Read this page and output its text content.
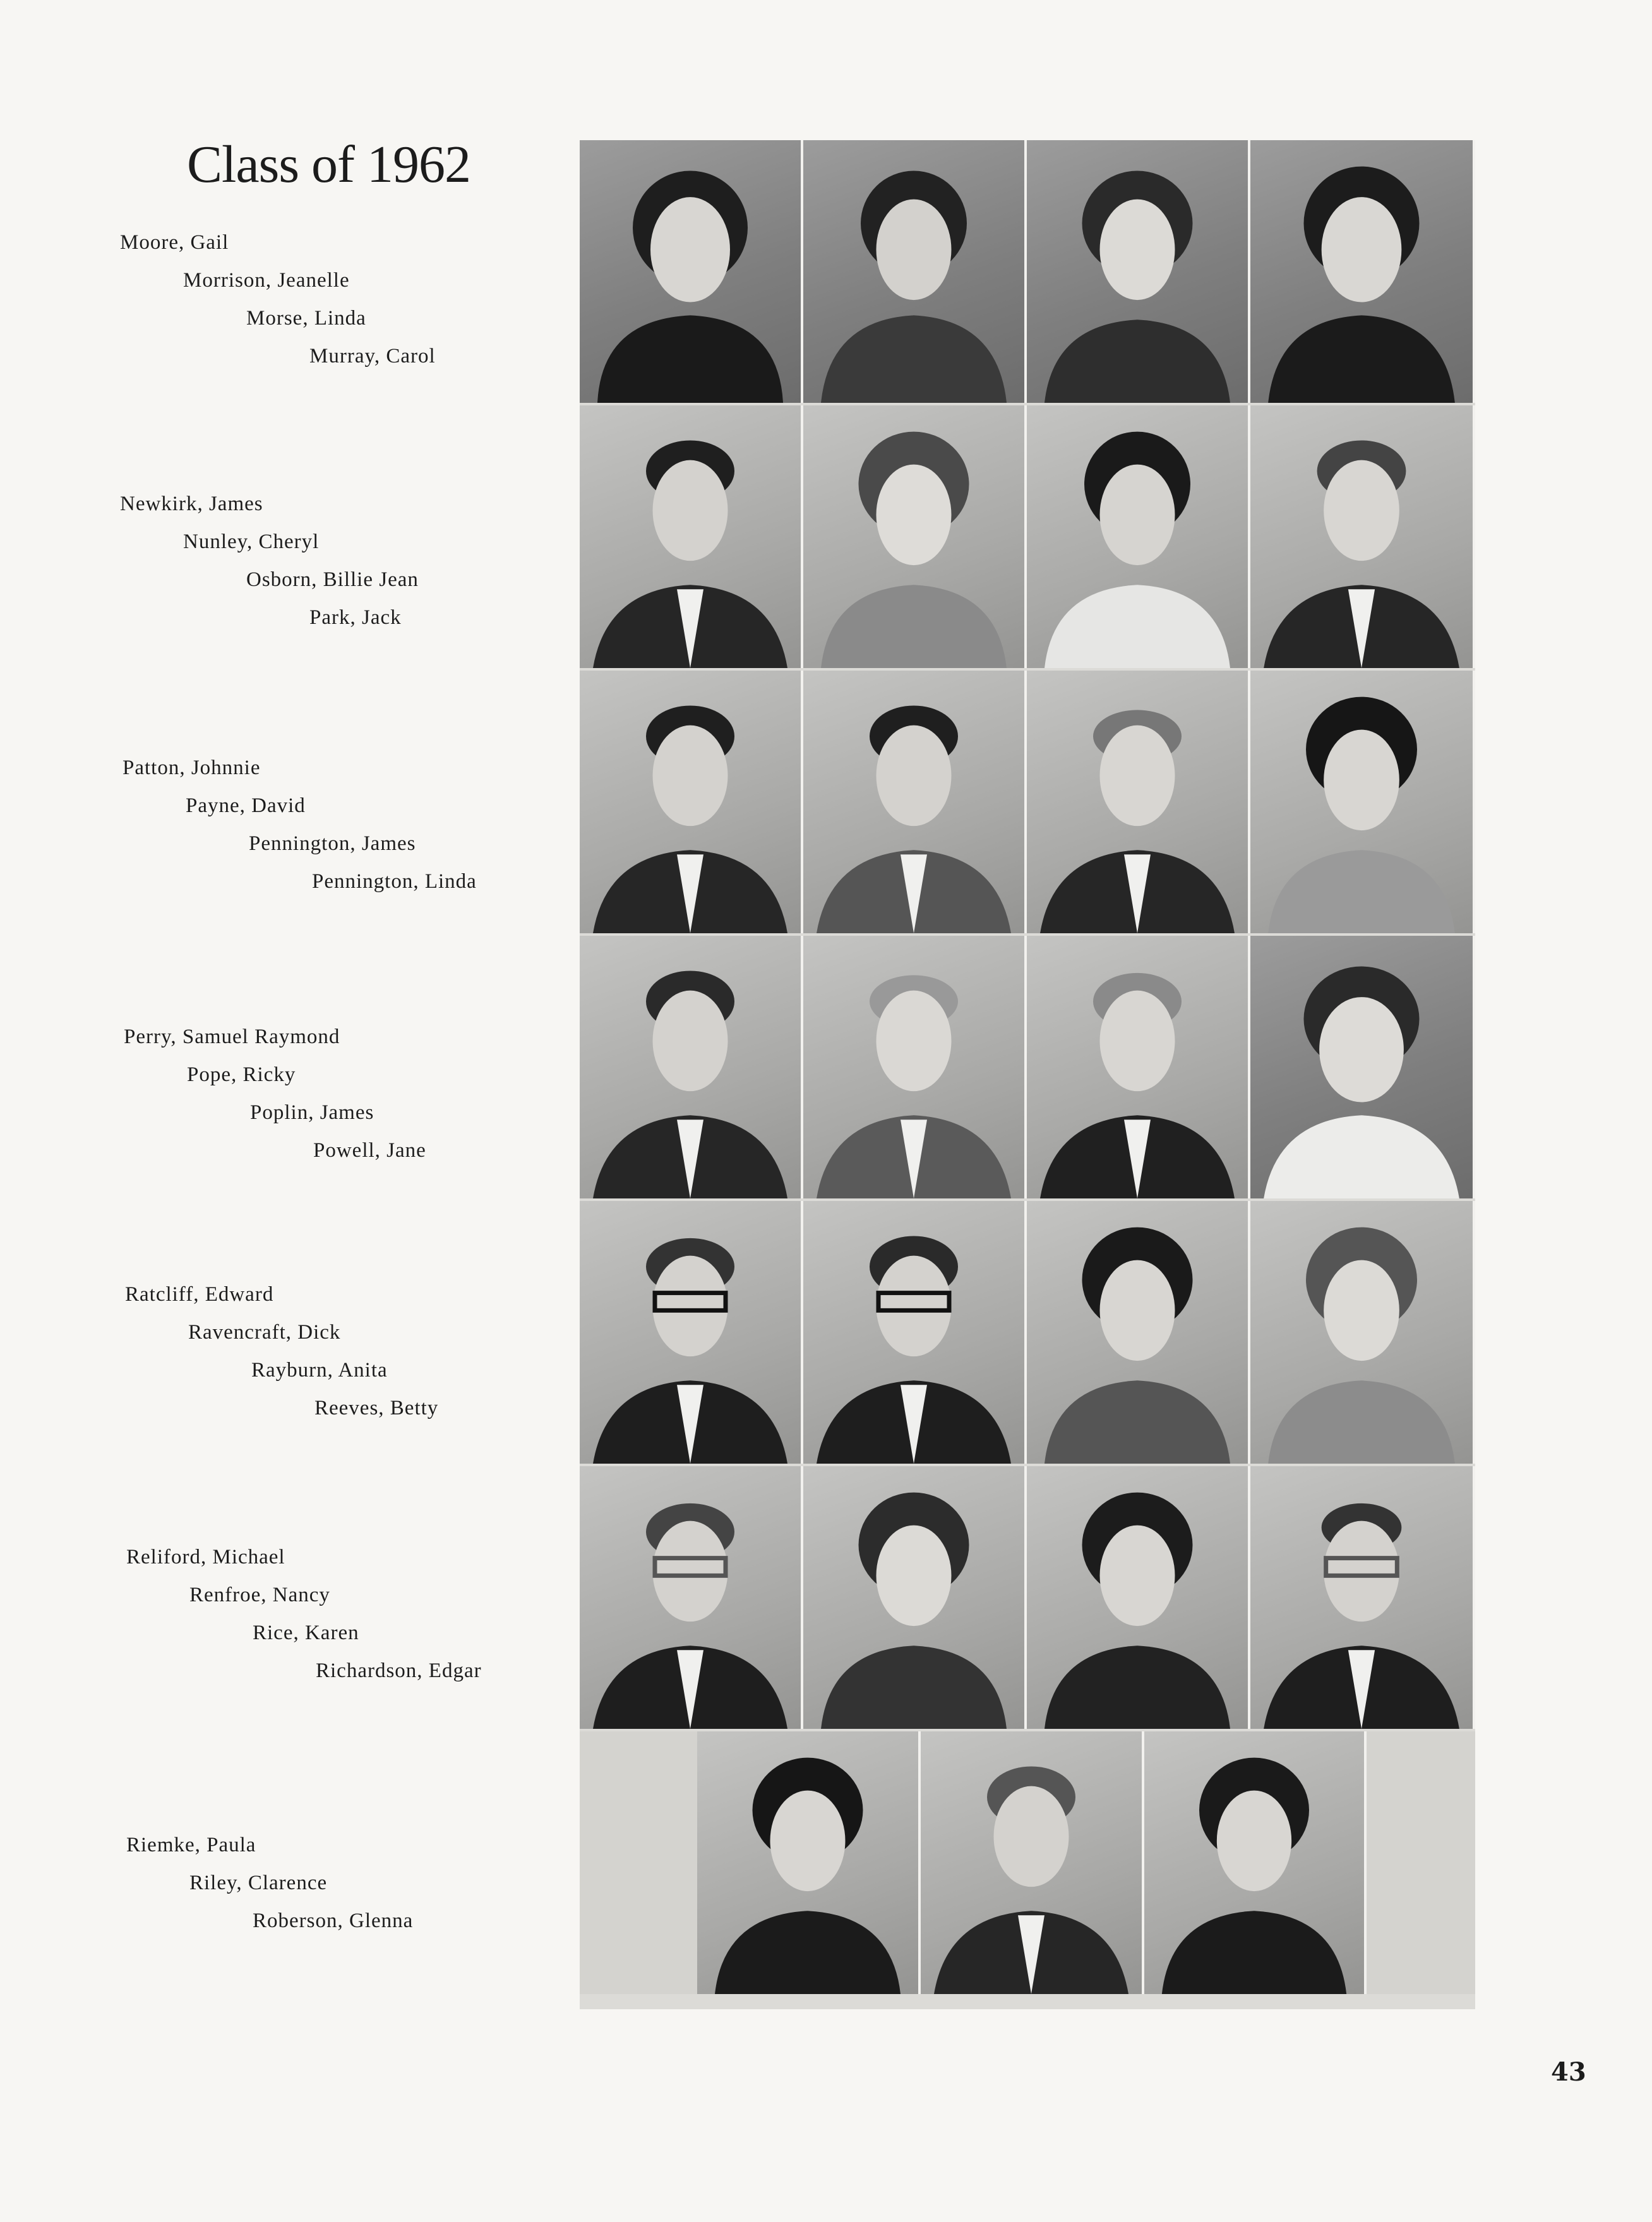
Class of 1962
Moore, Gail
Morrison, Jeanelle
Morse, Linda
Murray, Carol
Newkirk, James
Nunley, Cheryl
Osborn, Billie Jean
Park, Jack
Patton, Johnnie
Payne, David
Pennington, James
Pennington, Linda
Perry, Samuel Raymond
Pope, Ricky
Poplin, James
Powell, Jane
Ratcliff, Edward
Ravencraft, Dick
Rayburn, Anita
Reeves, Betty
Reliford, Michael
Renfroe, Nancy
Rice, Karen
Richardson, Edgar
Riemke, Paula
Riley, Clarence
Roberson, Glenna
43
